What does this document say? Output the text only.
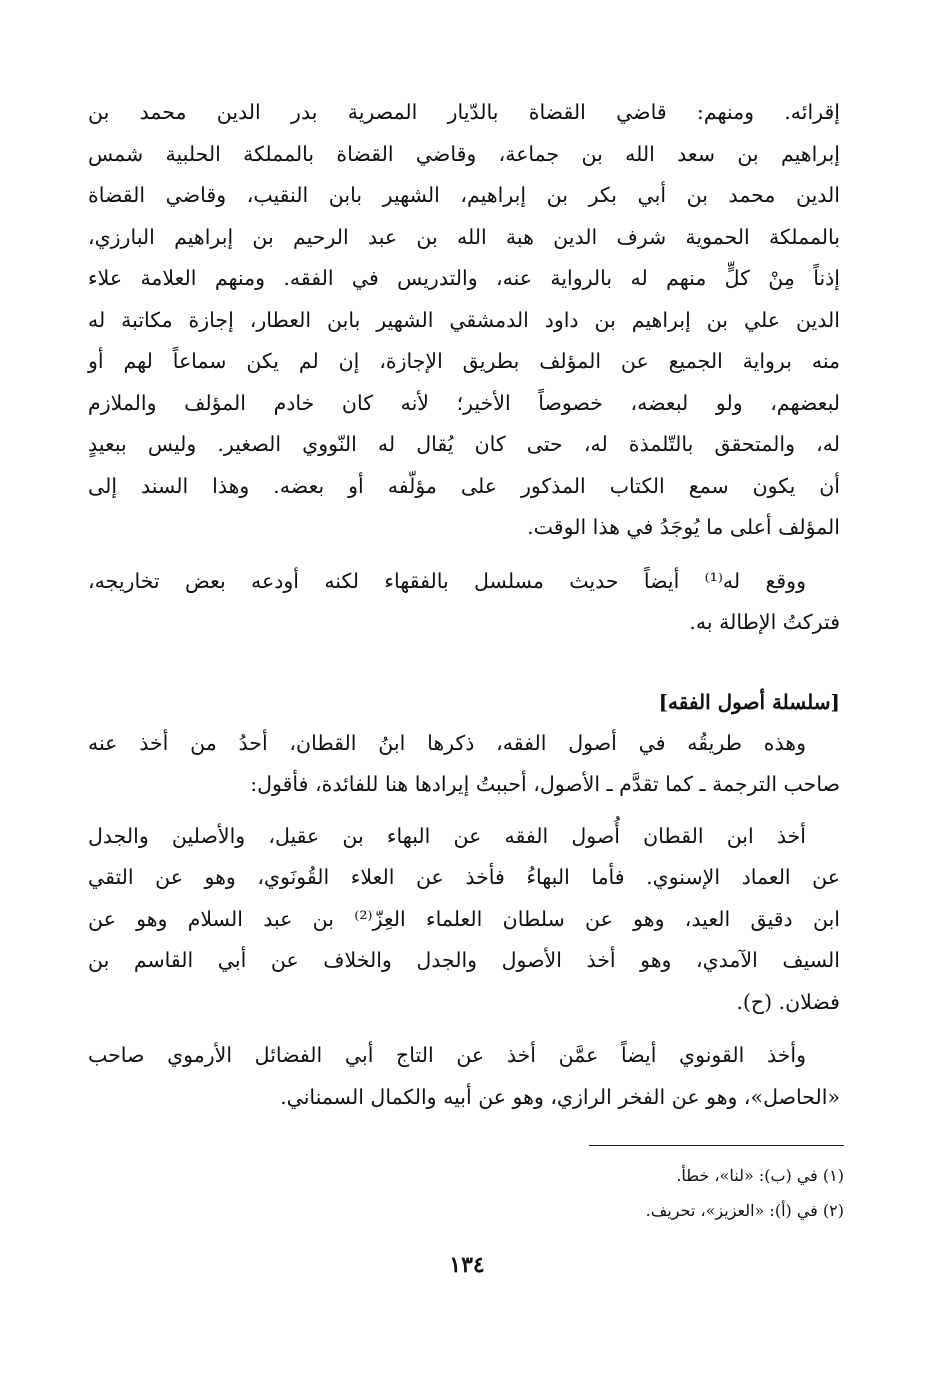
إقرائه. ومنهم: قاضي القضاة بالدّيار المصرية بدر الدين محمد بن
إبراهيم بن سعد الله بن جماعة، وقاضي القضاة بالمملكة الحلبية شمس
الدين محمد بن أبي بكر بن إبراهيم، الشهير بابن النقيب، وقاضي القضاة
بالمملكة الحموية شرف الدين هبة الله بن عبد الرحيم بن إبراهيم البارزي،
إذناً مِنْ كلٍّ منهم له بالرواية عنه، والتدريس في الفقه. ومنهم العلامة علاء
الدين علي بن إبراهيم بن داود الدمشقي الشهير بابن العطار، إجازة مكاتبة له
منه برواية الجميع عن المؤلف بطريق الإجازة، إن لم يكن سماعاً لهم أو
لبعضهم، ولو لبعضه، خصوصاً الأخير؛ لأنه كان خادم المؤلف والملازم
له، والمتحقق بالتّلمذة له، حتى كان يُقال له النّووي الصغير. وليس ببعيدٍ
أن يكون سمع الكتاب المذكور على مؤلّفه أو بعضه. وهذا السند إلى
المؤلف أعلى ما يُوجَدُ في هذا الوقت.

ووقع له⁽¹⁾ أيضاً حديث مسلسل بالفقهاء لكنه أودعه بعض تخاريجه،
فتركتُ الإطالة به.

[سلسلة أصول الفقه]

وهذه طريقُه في أصول الفقه، ذكرها ابنُ القطان، أحدُ من أخذ عنه
صاحب الترجمة ـ كما تقدَّم ـ الأصول، أحببتُ إيرادها هنا للفائدة، فأقول:

أخذ ابن القطان أُصول الفقه عن البهاء بن عقيل، والأصلين والجدل
عن العماد الإسنوي. فأما البهاءُ فأخذ عن العلاء القُونَوي، وهو عن التقي
ابن دقيق العيد، وهو عن سلطان العلماء العِزّ⁽²⁾ بن عبد السلام وهو عن
السيف الآمدي، وهو أخذ الأصول والجدل والخلاف عن أبي القاسم بن
فضلان. (ح).

وأخذ القونوي أيضاً عمَّن أخذ عن التاج أبي الفضائل الأرموي صاحب
«الحاصل»، وهو عن الفخر الرازي، وهو عن أبيه والكمال السمناني.

(١) في (ب): «لنا»، خطأ.
(٢) في (أ): «العزيز»، تحريف.
١٣٤
